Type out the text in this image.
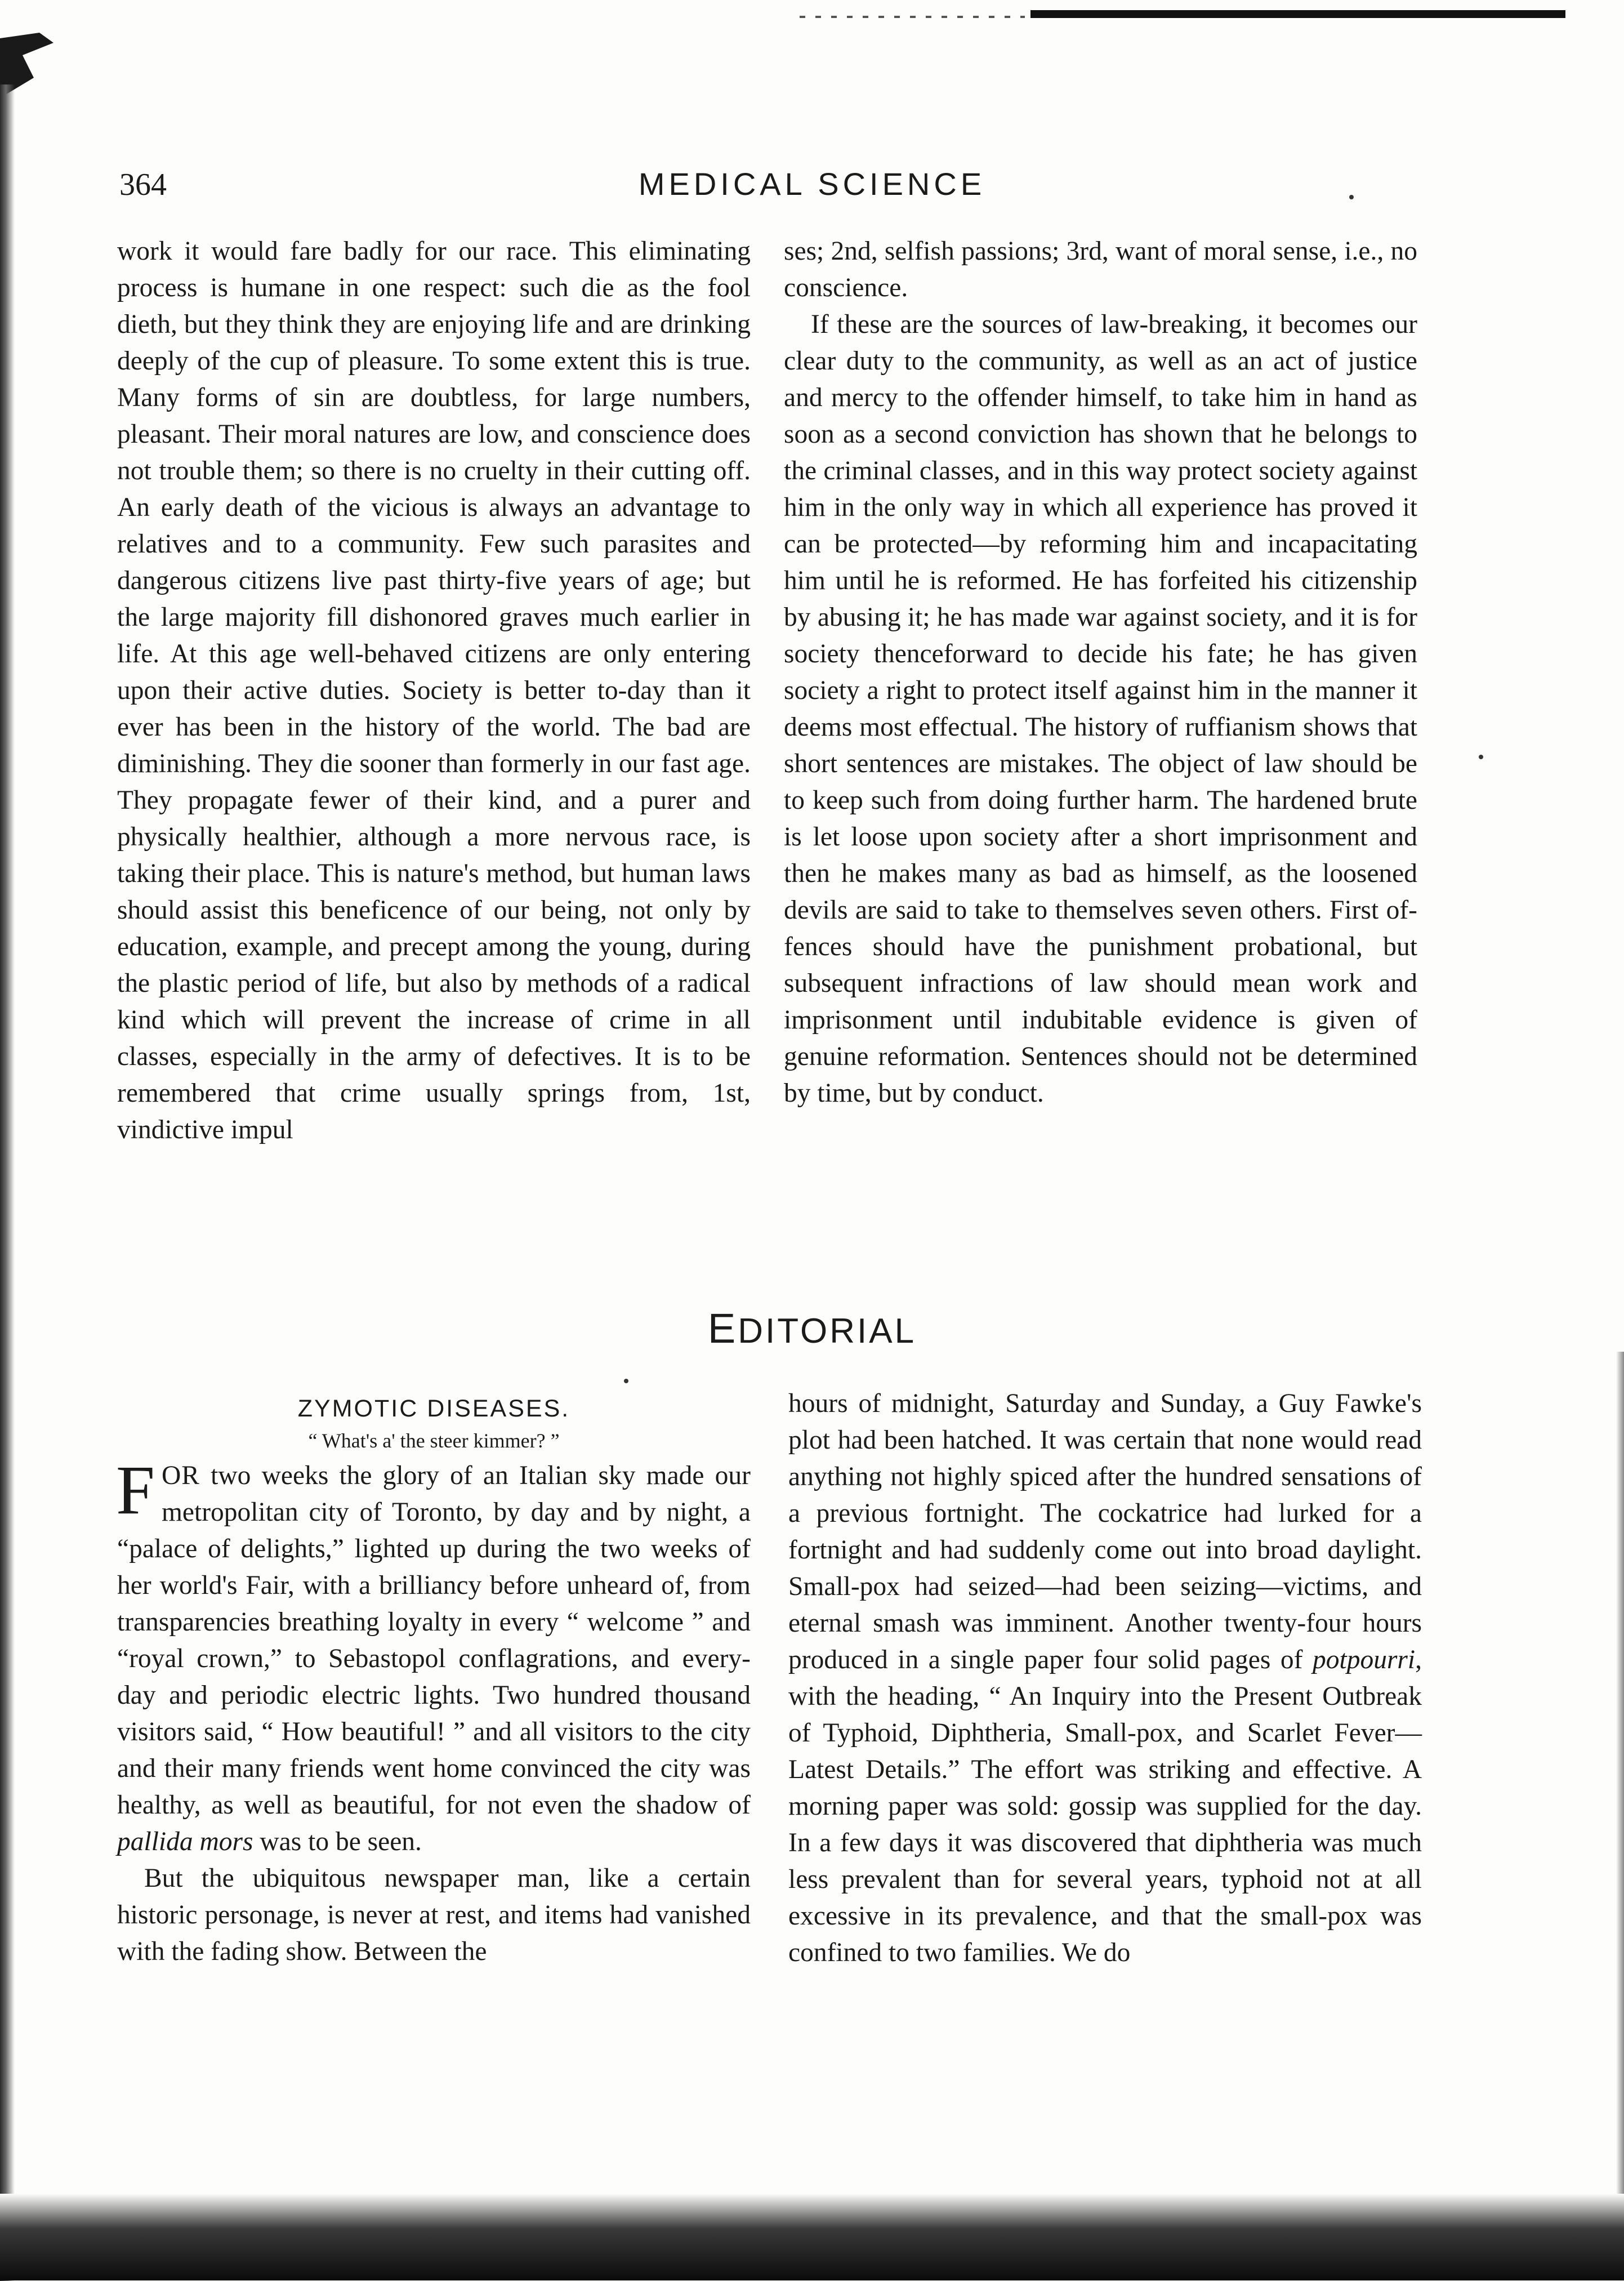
364	MEDICAL SCIENCE

work it would fare badly for our race. This eliminating process is humane in one respect: such die as the fool dieth, but they think they are enjoying life and are drinking deeply of the cup of pleasure. To some extent this is true. Many forms of sin are doubtless, for large numbers, pleasant. Their moral natures are low, and conscience does not trouble them; so there is no cruelty in their cutting off. An early death of the vicious is always an advantage to relatives and to a community. Few such parasites and dangerous citizens live past thirty-five years of age; but the large majority fill dishonored graves much earlier in life. At this age well-behaved citizens are only entering upon their active duties. Society is better to-day than it ever has been in the history of the world. The bad are diminishing. They die sooner than formerly in our fast age. They propagate fewer of their kind, and a purer and physically healthier, although a more nervous race, is taking their place. This is nature's method, but human laws should assist this beneficence of our being, not only by education, example, and precept among the young, during the plastic period of life, but also by methods of a radical kind which will prevent the increase of crime in all classes, especially in the army of defectives. It is to be remembered that crime usually springs from, 1st, vindictive impul

ses; 2nd, selfish passions; 3rd, want of moral sense, i.e., no conscience.

If these are the sources of law-breaking, it becomes our clear duty to the community, as well as an act of justice and mercy to the offender himself, to take him in hand as soon as a second conviction has shown that he belongs to the criminal classes, and in this way protect society against him in the only way in which all experience has proved it can be protected—by reforming him and incapacitating him until he is reformed. He has forfeited his citizenship by abusing it; he has made war against society, and it is for society thenceforward to decide his fate; he has given society a right to protect itself against him in the manner it deems most effectual. The history of ruffianism shows that short sentences are mistakes. The object of law should be to keep such from doing further harm. The hardened brute is let loose upon society after a short imprisonment and then he makes many as bad as himself, as the loosened devils are said to take to themselves seven others. First offences should have the punishment probational, but subsequent infractions of law should mean work and imprisonment until indubitable evidence is given of genuine reformation. Sentences should not be determined by time, but by conduct.

EDITORIAL

ZYMOTIC DISEASES.

“ What's a' the steer kimmer? ”

FOR two weeks the glory of an Italian sky made our metropolitan city of Toronto, by day and by night, a “palace of delights,” lighted up during the two weeks of her world's Fair, with a brilliancy before unheard of, from transparencies breathing loyalty in every “ welcome ” and “royal crown,” to Sebastopol conflagrations, and every-day and periodic electric lights. Two hundred thousand visitors said, “ How beautiful! ” and all visitors to the city and their many friends went home convinced the city was healthy, as well as beautiful, for not even the shadow of pallida mors was to be seen.

But the ubiquitous newspaper man, like a certain historic personage, is never at rest, and items had vanished with the fading show. Between the

hours of midnight, Saturday and Sunday, a Guy Fawke's plot had been hatched. It was certain that none would read anything not highly spiced after the hundred sensations of a previous fortnight. The cockatrice had lurked for a fortnight and had suddenly come out into broad daylight. Small-pox had seized—had been seizing—victims, and eternal smash was imminent. Another twenty-four hours produced in a single paper four solid pages of potpourri, with the heading, “ An Inquiry into the Present Outbreak of Typhoid, Diphtheria, Small-pox, and Scarlet Fever—Latest Details.” The effort was striking and effective. A morning paper was sold: gossip was supplied for the day. In a few days it was discovered that diphtheria was much less prevalent than for several years, typhoid not at all excessive in its prevalence, and that the small-pox was confined to two families. We do
